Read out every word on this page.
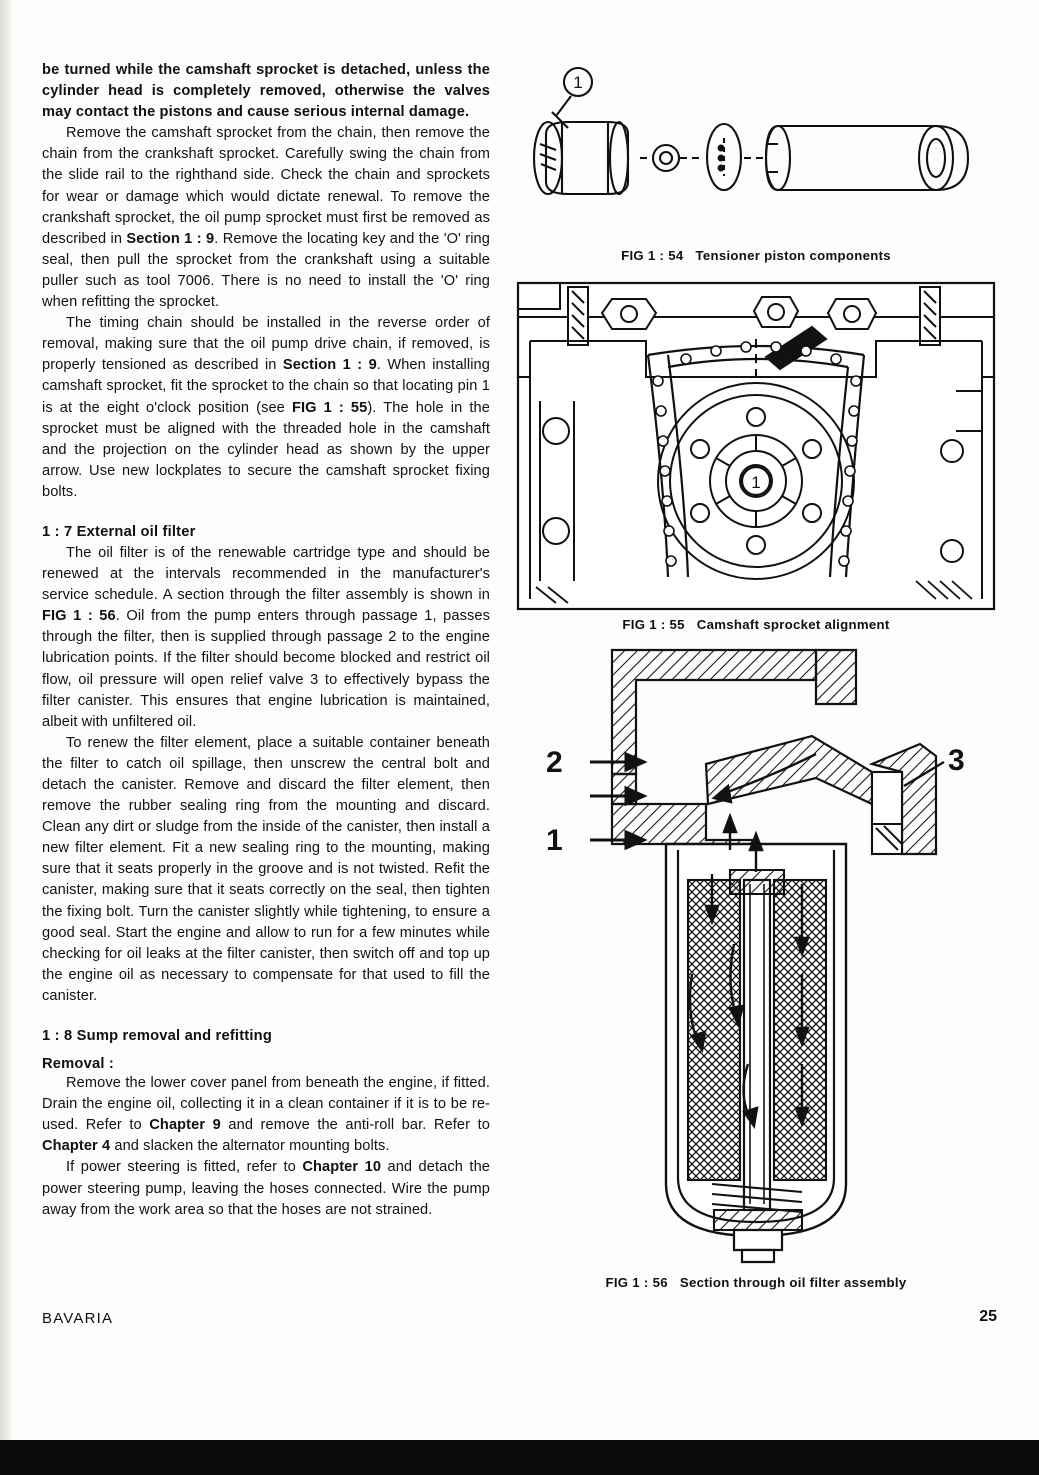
be turned while the camshaft sprocket is detached, unless the cylinder head is completely removed, otherwise the valves may contact the pistons and cause serious internal damage.

Remove the camshaft sprocket from the chain, then remove the chain from the crankshaft sprocket. Carefully swing the chain from the slide rail to the righthand side. Check the chain and sprockets for wear or damage which would dictate renewal. To remove the crankshaft sprocket, the oil pump sprocket must first be removed as described in Section 1 : 9. Remove the locating key and the 'O' ring seal, then pull the sprocket from the crankshaft using a suitable puller such as tool 7006. There is no need to install the 'O' ring when refitting the sprocket.

The timing chain should be installed in the reverse order of removal, making sure that the oil pump drive chain, if removed, is properly tensioned as described in Section 1 : 9. When installing camshaft sprocket, fit the sprocket to the chain so that locating pin 1 is at the eight o'clock position (see FIG 1 : 55). The hole in the sprocket must be aligned with the threaded hole in the camshaft and the projection on the cylinder head as shown by the upper arrow. Use new lockplates to secure the camshaft sprocket fixing bolts.

1 : 7 External oil filter

The oil filter is of the renewable cartridge type and should be renewed at the intervals recommended in the manufacturer's service schedule. A section through the filter assembly is shown in FIG 1 : 56. Oil from the pump enters through passage 1, passes through the filter, then is supplied through passage 2 to the engine lubrication points. If the filter should become blocked and restrict oil flow, oil pressure will open relief valve 3 to effectively bypass the filter canister. This ensures that engine lubrication is maintained, albeit with unfiltered oil.

To renew the filter element, place a suitable container beneath the filter to catch oil spillage, then unscrew the central bolt and detach the canister. Remove and discard the filter element, then remove the rubber sealing ring from the mounting and discard. Clean any dirt or sludge from the inside of the canister, then install a new filter element. Fit a new sealing ring to the mounting, making sure that it seats properly in the groove and is not twisted. Refit the canister, making sure that it seats correctly on the seal, then tighten the fixing bolt. Turn the canister slightly while tightening, to ensure a good seal. Start the engine and allow to run for a few minutes while checking for oil leaks at the filter canister, then switch off and top up the engine oil as necessary to compensate for that used to fill the canister.

1 : 8 Sump removal and refitting
Removal :

Remove the lower cover panel from beneath the engine, if fitted. Drain the engine oil, collecting it in a clean container if it is to be re-used. Refer to Chapter 9 and remove the anti-roll bar. Refer to Chapter 4 and slacken the alternator mounting bolts.

If power steering is fitted, refer to Chapter 10 and detach the power steering pump, leaving the hoses connected. Wire the pump away from the work area so that the hoses are not strained.

1
FIG 1 : 54 Tensioner piston components
1
FIG 1 : 55 Camshaft sprocket alignment
2
1
3
FIG 1 : 56 Section through oil filter assembly
BAVARIA	25
